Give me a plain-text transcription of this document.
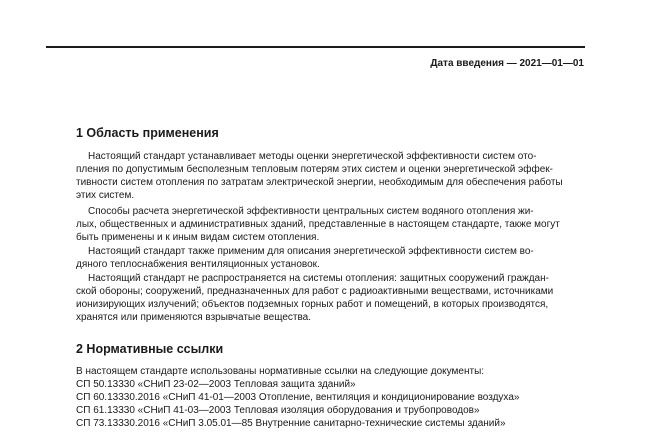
Дата введения — 2021—01—01
1 Область применения
Настоящий стандарт устанавливает методы оценки энергетической эффективности систем ото-
пления по допустимым бесполезным тепловым потерям этих систем и оценки энергетической эффек-
тивности систем отопления по затратам электрической энергии, необходимым для обеспечения работы
этих систем.
Способы расчета энергетической эффективности центральных систем водяного отопления жи-
лых, общественных и административных зданий, представленные в настоящем стандарте, также могут
быть применены и к иным видам систем отопления.
Настоящий стандарт также применим для описания энергетической эффективности систем во-
дяного теплоснабжения вентиляционных установок.
Настоящий стандарт не распространяется на системы отопления: защитных сооружений граждан-
ской обороны; сооружений, предназначенных для работ с радиоактивными веществами, источниками
ионизирующих излучений; объектов подземных горных работ и помещений, в которых производятся,
хранятся или применяются взрывчатые вещества.
2 Нормативные ссылки
В настоящем стандарте использованы нормативные ссылки на следующие документы:
СП 50.13330 «СНиП 23-02—2003 Тепловая защита зданий»
СП 60.13330.2016 «СНиП 41-01—2003 Отопление, вентиляция и кондиционирование воздуха»
СП 61.13330 «СНиП 41-03—2003 Тепловая изоляция оборудования и трубопроводов»
СП 73.13330.2016 «СНиП 3.05.01—85 Внутренние санитарно-технические системы зданий»
